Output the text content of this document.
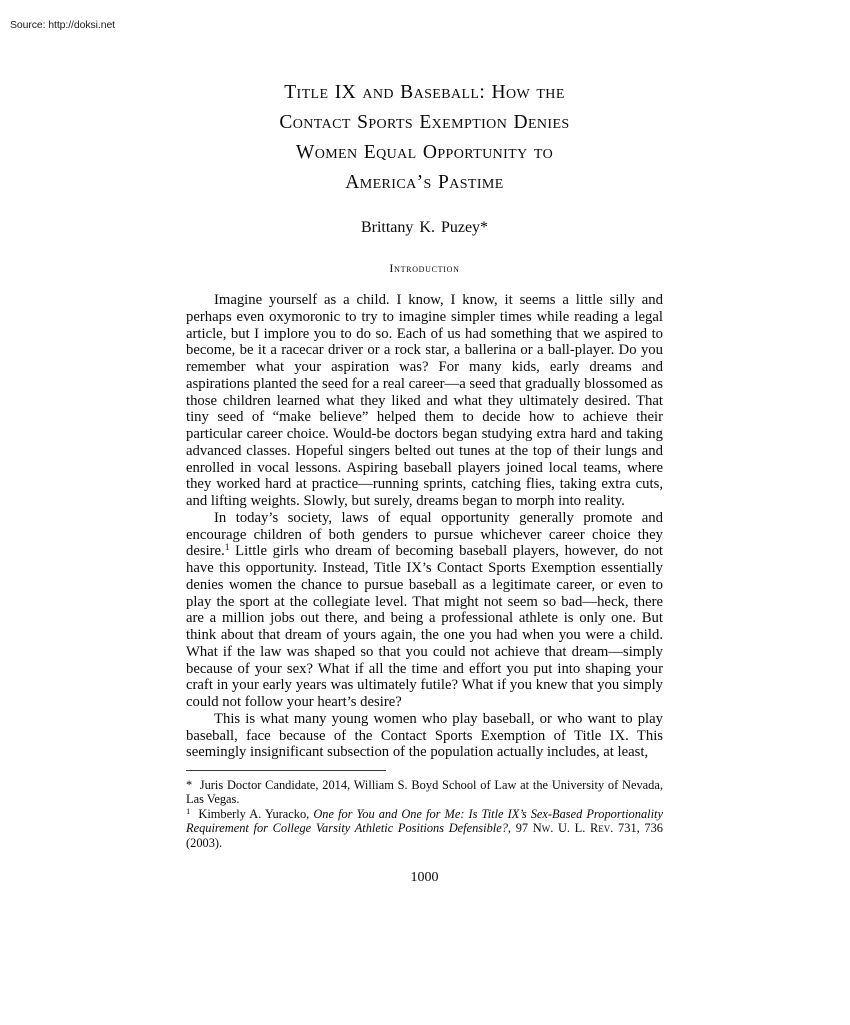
Source: http://doksi.net
Title IX and Baseball: How the
Contact Sports Exemption Denies
Women Equal Opportunity to
America’s Pastime
Brittany K. Puzey*
Introduction

Imagine yourself as a child. I know, I know, it seems a little silly and perhaps even oxymoronic to try to imagine simpler times while reading a legal article, but I implore you to do so. Each of us had something that we aspired to become, be it a racecar driver or a rock star, a ballerina or a ball-player. Do you remember what your aspiration was? For many kids, early dreams and aspirations planted the seed for a real career—a seed that gradually blossomed as those children learned what they liked and what they ultimately desired. That tiny seed of “make believe” helped them to decide how to achieve their particular career choice. Would-be doctors began studying extra hard and taking advanced classes. Hopeful singers belted out tunes at the top of their lungs and enrolled in vocal lessons. Aspiring baseball players joined local teams, where they worked hard at practice—running sprints, catching flies, taking extra cuts, and lifting weights. Slowly, but surely, dreams began to morph into reality.

In today’s society, laws of equal opportunity generally promote and encourage children of both genders to pursue whichever career choice they desire.$^1$ Little girls who dream of becoming baseball players, however, do not have this opportunity. Instead, Title IX’s Contact Sports Exemption essentially denies women the chance to pursue baseball as a legitimate career, or even to play the sport at the collegiate level. That might not seem so bad—heck, there are a million jobs out there, and being a professional athlete is only one. But think about that dream of yours again, the one you had when you were a child. What if the law was shaped so that you could not achieve that dream—simply because of your sex? What if all the time and effort you put into shaping your craft in your early years was ultimately futile? What if you knew that you simply could not follow your heart’s desire?

This is what many young women who play baseball, or who want to play baseball, face because of the Contact Sports Exemption of Title IX. This seemingly insignificant subsection of the population actually includes, at least,

* Juris Doctor Candidate, 2014, William S. Boyd School of Law at the University of Nevada, Las Vegas.

$^1$ Kimberly A. Yuracko, One for You and One for Me: Is Title IX’s Sex-Based Proportionality Requirement for College Varsity Athletic Positions Defensible?, 97 Nw. U. L. Rev. 731, 736 (2003).

1000
